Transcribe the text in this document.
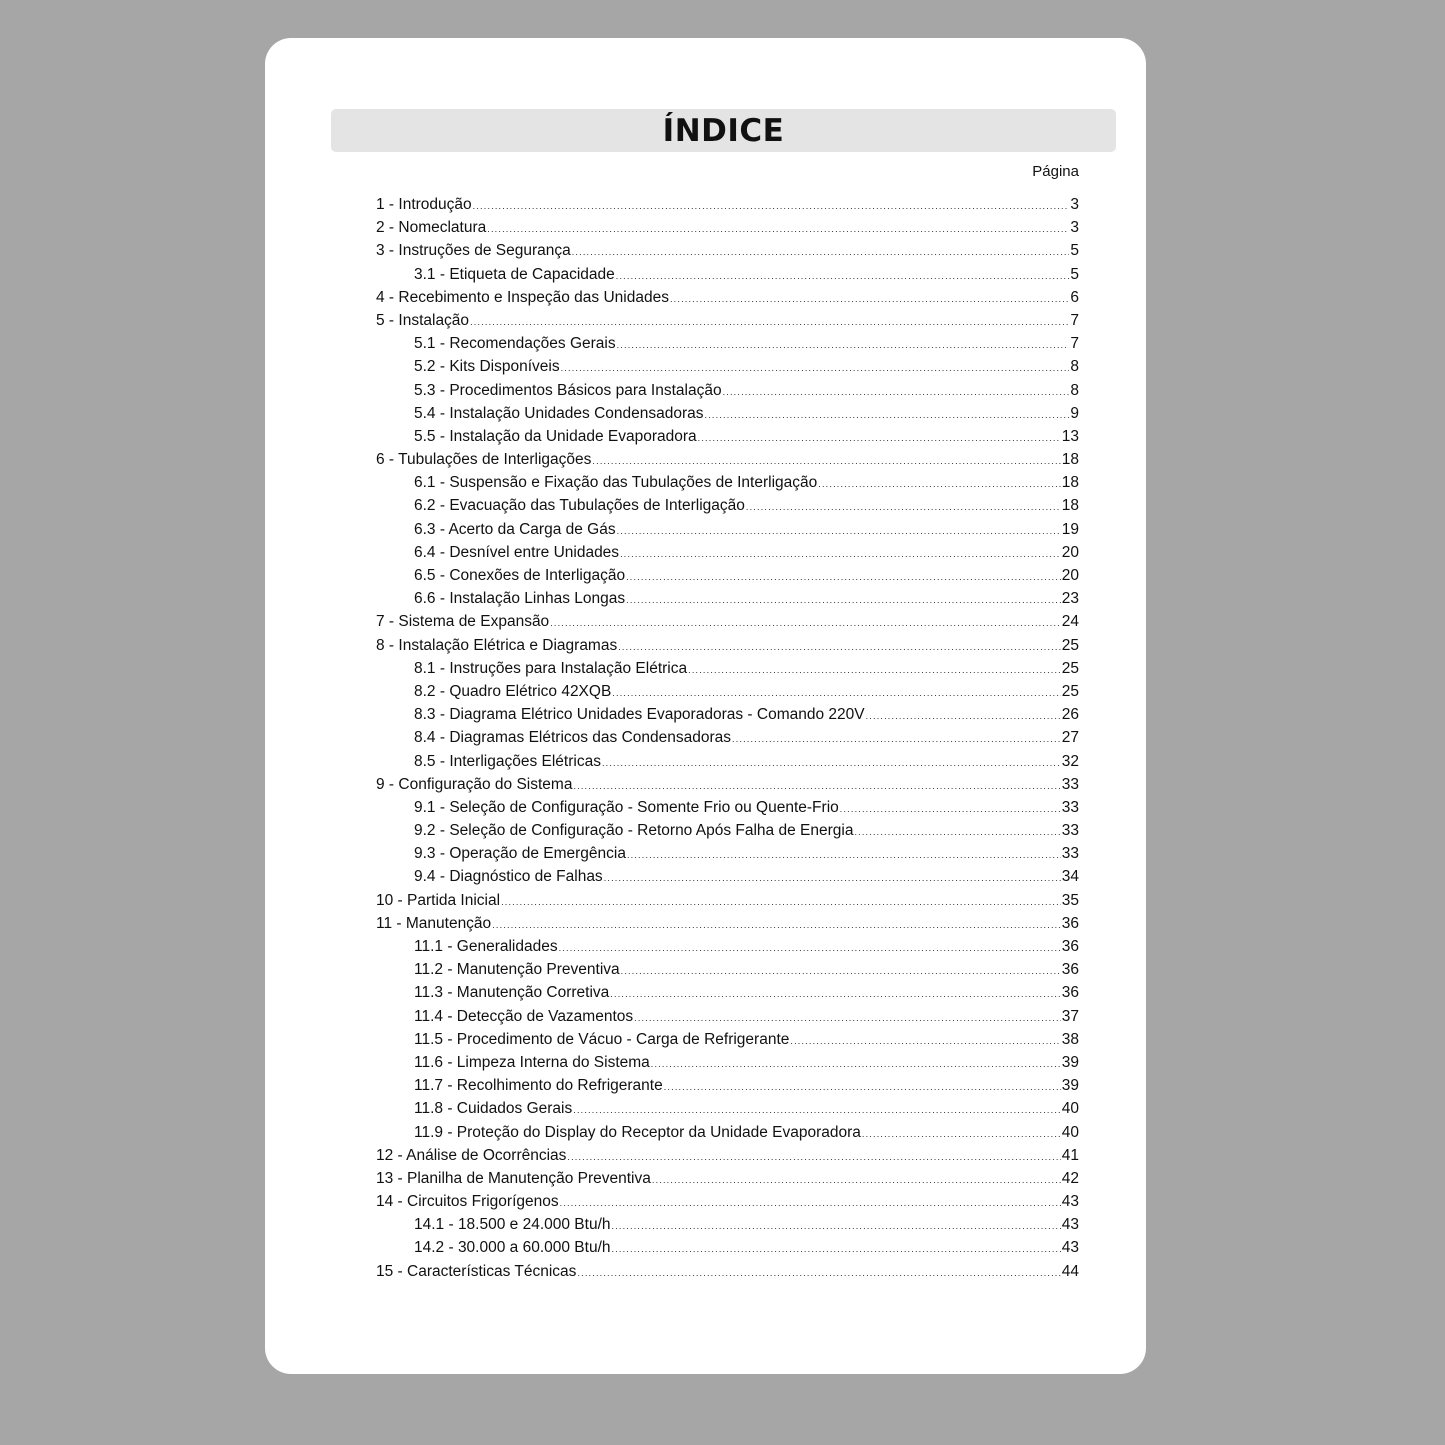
ÍNDICE
Página
1 - Introdução .....	3
2 - Nomeclatura .....	3
3 - Instruções de Segurança .....	5
3.1 - Etiqueta de Capacidade .....	5
4 - Recebimento e Inspeção das Unidades .....	6
5 - Instalação .....	7
5.1 - Recomendações Gerais .....	7
5.2 - Kits Disponíveis .....	8
5.3 - Procedimentos Básicos para Instalação .....	8
5.4 - Instalação Unidades Condensadoras .....	9
5.5 - Instalação da Unidade Evaporadora .....	13
6 - Tubulações de Interligações .....	18
6.1 - Suspensão e Fixação das Tubulações de Interligação .....	18
6.2 - Evacuação das Tubulações de Interligação .....	18
6.3 - Acerto da Carga de Gás .....	19
6.4 - Desnível entre Unidades .....	20
6.5 - Conexões de Interligação .....	20
6.6 - Instalação Linhas Longas .....	23
7 - Sistema de Expansão .....	24
8 - Instalação Elétrica e Diagramas .....	25
8.1 - Instruções para Instalação Elétrica .....	25
8.2 - Quadro Elétrico 42XQB .....	25
8.3 - Diagrama Elétrico Unidades Evaporadoras - Comando 220V .....	26
8.4 - Diagramas Elétricos das Condensadoras .....	27
8.5 - Interligações Elétricas .....	32
9 - Configuração do Sistema .....	33
9.1 - Seleção de Configuração - Somente Frio ou Quente-Frio .....	33
9.2 - Seleção de Configuração - Retorno Após Falha de Energia .....	33
9.3 - Operação de Emergência .....	33
9.4 - Diagnóstico de Falhas .....	34
10 - Partida Inicial .....	35
11 - Manutenção .....	36
11.1 - Generalidades .....	36
11.2 - Manutenção Preventiva .....	36
11.3 - Manutenção Corretiva .....	36
11.4 - Detecção de Vazamentos .....	37
11.5 - Procedimento de Vácuo - Carga de Refrigerante .....	38
11.6 - Limpeza Interna do Sistema .....	39
11.7 - Recolhimento do Refrigerante .....	39
11.8 - Cuidados Gerais .....	40
11.9 - Proteção do Display do Receptor da Unidade Evaporadora .....	40
12 - Análise de Ocorrências .....	41
13 - Planilha de Manutenção Preventiva .....	42
14 - Circuitos Frigorígenos .....	43
14.1 - 18.500 e 24.000 Btu/h .....	43
14.2 - 30.000 a 60.000 Btu/h .....	43
15 - Características Técnicas .....	44
